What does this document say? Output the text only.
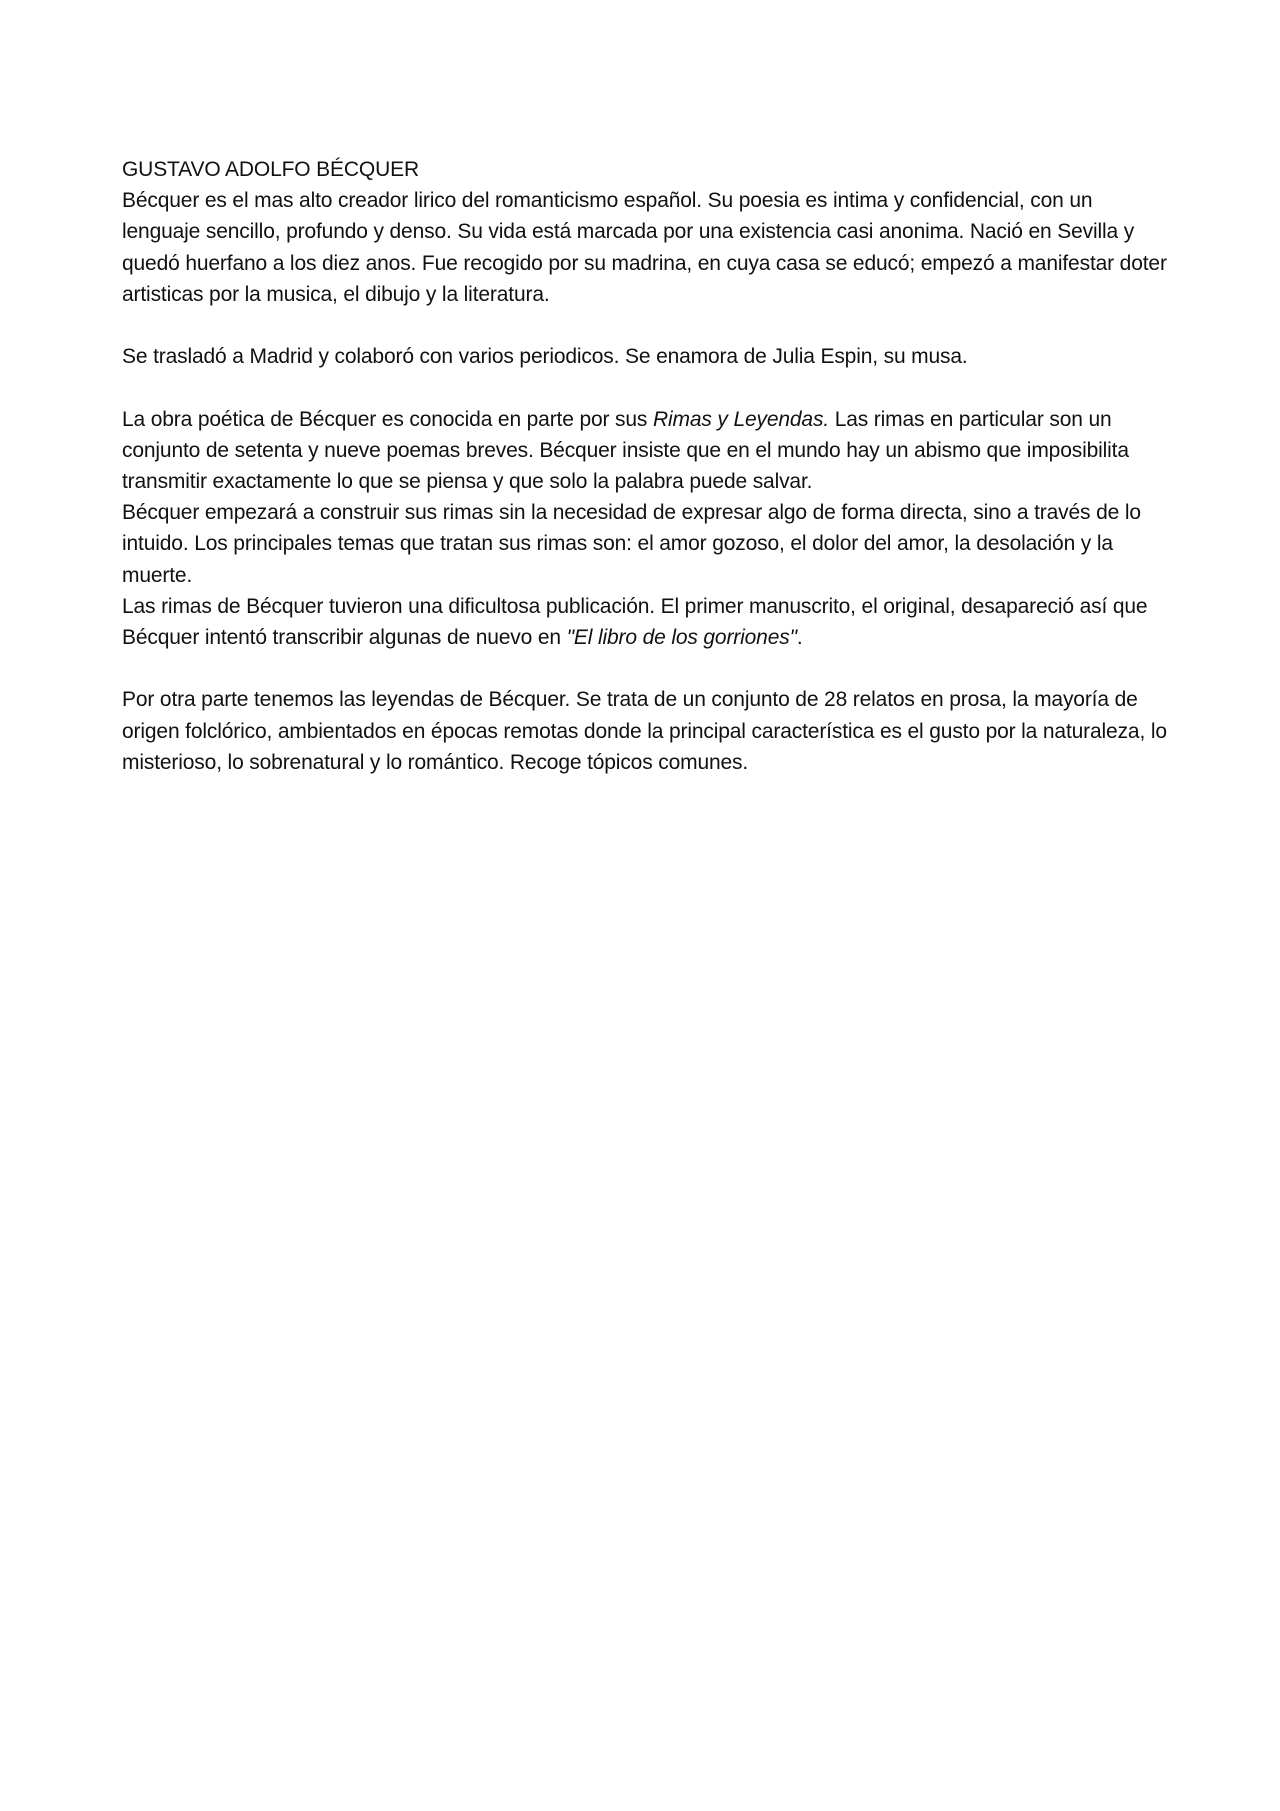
GUSTAVO ADOLFO BÉCQUER

Bécquer es el mas alto creador lirico del romanticismo español. Su poesia es intima y confidencial, con un lenguaje sencillo, profundo y denso. Su vida está marcada por una existencia casi anonima. Nació en Sevilla y quedó huerfano a los diez anos. Fue recogido por su madrina, en cuya casa se educó; empezó a manifestar doter artisticas por la musica, el dibujo y la literatura.

Se trasladó a Madrid y colaboró con varios periodicos. Se enamora de Julia Espin, su musa.

La obra poética de Bécquer es conocida en parte por sus Rimas y Leyendas. Las rimas en particular son un conjunto de setenta y nueve poemas breves. Bécquer insiste que en el mundo hay un abismo que imposibilita transmitir exactamente lo que se piensa y que solo la palabra puede salvar.

Bécquer empezará a construir sus rimas sin la necesidad de expresar algo de forma directa, sino a través de lo intuido. Los principales temas que tratan sus rimas son: el amor gozoso, el dolor del amor, la desolación y la muerte.

Las rimas de Bécquer tuvieron una dificultosa publicación. El primer manuscrito, el original, desapareció así que Bécquer intentó transcribir algunas de nuevo en "El libro de los gorriones".

Por otra parte tenemos las leyendas de Bécquer. Se trata de un conjunto de 28 relatos en prosa, la mayoría de origen folclórico, ambientados en épocas remotas donde la principal característica es el gusto por la naturaleza, lo misterioso, lo sobrenatural y lo romántico. Recoge tópicos comunes.
